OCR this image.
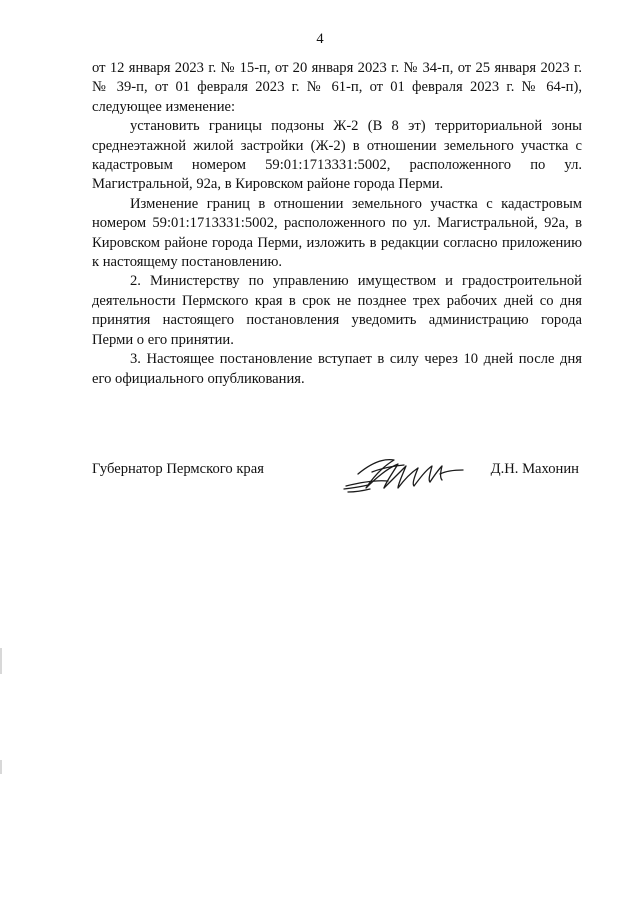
4

от 12 января 2023 г. № 15-п, от 20 января 2023 г. № 34-п, от 25 января 2023 г. № 39-п, от 01 февраля 2023 г. № 61-п, от 01 февраля 2023 г. № 64-п), следующее изменение:

установить границы подзоны Ж-2 (В 8 эт) территориальной зоны среднеэтажной жилой застройки (Ж-2) в отношении земельного участка с кадастровым номером 59:01:1713331:5002, расположенного по ул. Магистральной, 92а, в Кировском районе города Перми.

Изменение границ в отношении земельного участка с кадастровым номером 59:01:1713331:5002, расположенного по ул. Магистральной, 92а, в Кировском районе города Перми, изложить в редакции согласно приложению к настоящему постановлению.

2. Министерству по управлению имуществом и градостроительной деятельности Пермского края в срок не позднее трех рабочих дней со дня принятия настоящего постановления уведомить администрацию города Перми о его принятии.

3. Настоящее постановление вступает в силу через 10 дней после дня его официального опубликования.

Губернатор Пермского края	Д.Н. Махонин
